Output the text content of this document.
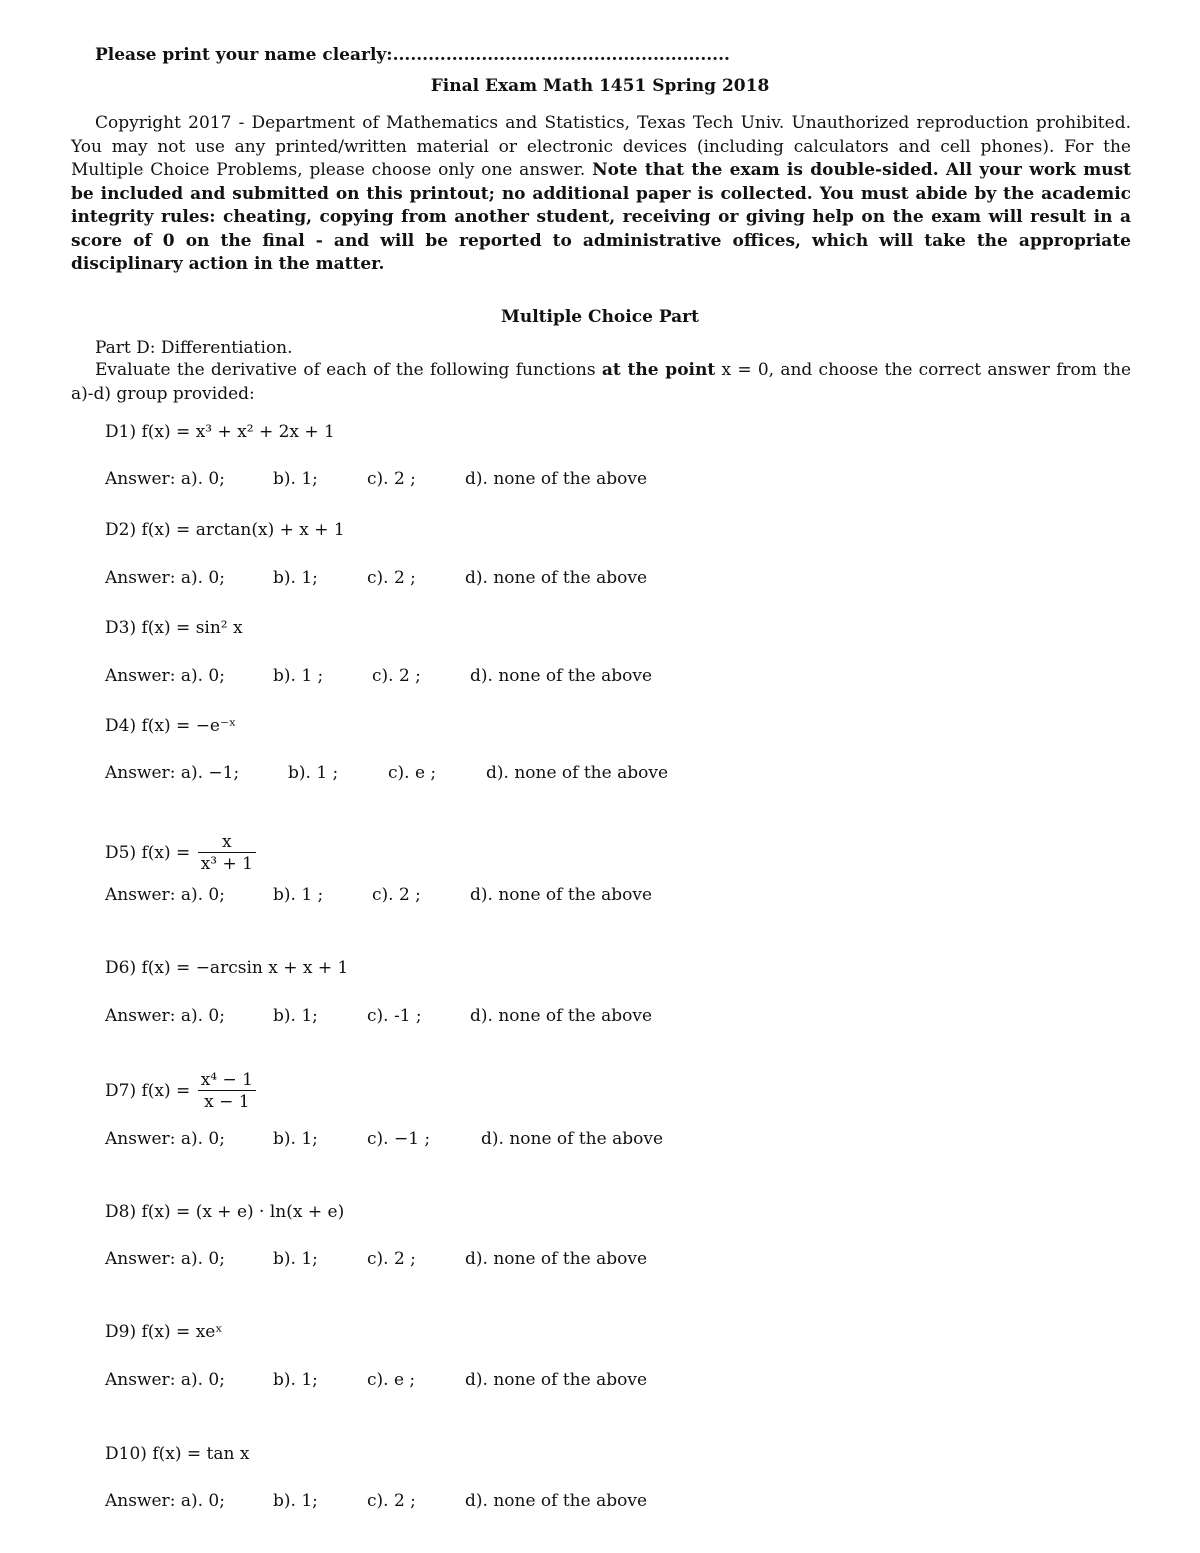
Please print your name clearly:.........................................................
Final Exam Math 1451 Spring 2018
Copyright 2017 - Department of Mathematics and Statistics, Texas Tech Univ. Unauthorized reproduction prohibited. You may not use any printed/written material or electronic devices (including calculators and cell phones). For the Multiple Choice Problems, please choose only one answer. Note that the exam is double-sided. All your work must be included and submitted on this printout; no additional paper is collected. You must abide by the academic integrity rules: cheating, copying from another student, receiving or giving help on the exam will result in a score of 0 on the final - and will be reported to administrative offices, which will take the appropriate disciplinary action in the matter.
Multiple Choice Part
Part D: Differentiation.
Evaluate the derivative of each of the following functions at the point x = 0, and choose the correct answer from the a)-d) group provided:
D1) f(x) = x³ + x² + 2x + 1
Answer: a). 0;	b). 1;	c). 2 ;	d). none of the above
D2) f(x) = arctan(x) + x + 1
Answer: a). 0;	b). 1;	c). 2 ;	d). none of the above
D3) f(x) = sin² x
Answer: a). 0;	b). 1 ;	c). 2 ;	d). none of the above
D4) f(x) = −e⁻ˣ
Answer: a). −1;	b). 1 ;	c). e ;	d). none of the above
D5) $f(x) = \frac{x}{\text{x³ + 1}}$
Answer: a). 0;	b). 1 ;	c). 2 ;	d). none of the above
D6) f(x) = −arcsin x + x + 1
Answer: a). 0;	b). 1;	c). -1 ;	d). none of the above
D7) $f(x) = \frac{\text{x⁴ − 1}}{x - 1}$
Answer: a). 0;	b). 1;	c). −1 ;	d). none of the above
D8) f(x) = (x + e) · ln(x + e)
Answer: a). 0;	b). 1;	c). 2 ;	d). none of the above
D9) f(x) = xeˣ
Answer: a). 0;	b). 1;	c). e ;	d). none of the above
D10) f(x) = tan x
Answer: a). 0;	b). 1;	c). 2 ;	d). none of the above
